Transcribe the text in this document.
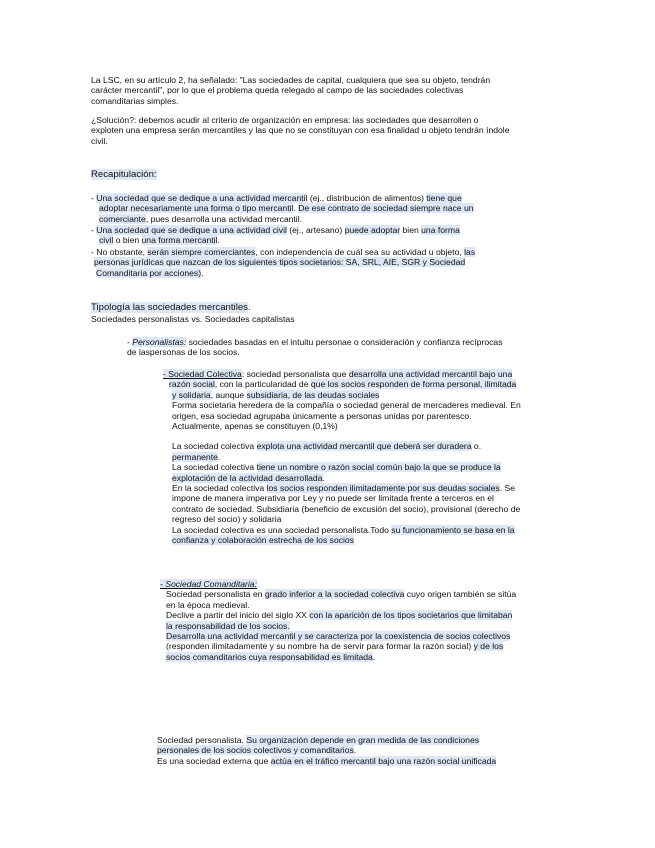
La LSC, en su artículo 2, ha señalado: "Las sociedades de capital, cualquiera que sea su objeto, tendrán

carácter mercantil", por lo que el problema queda relegado al campo de las sociedades colectivas

comanditarias simples.

¿Solución?: debemos acudir al criterio de organización en empresa: las sociedades que desarrollen o

exploten una empresa serán mercantiles y las que no se constituyan con esa finalidad u objeto tendrán índole

civil.

Recapitulación:

- Una sociedad que se dedique a una actividad mercantil (ej., distribución de alimentos) tiene que

adoptar necesariamente una forma o tipo mercantil. De ese contrato de sociedad siempre nace un

comerciante, pues desarrolla una actividad mercantil.

- Una sociedad que se dedique a una actividad civil (ej., artesano) puede adoptar bien una forma

civil o bien una forma mercantil.

- No obstante, serán siempre comerciantes, con independencia de cuál sea su actividad u objeto, las

personas jurídicas que nazcan de los siguientes tipos societarios: SA, SRL, AIE, SGR y Sociedad

Comanditaria por acciones).

Tipología las sociedades mercantiles.
Sociedades personalistas vs. Sociedades capitalistas

- Personalistas: sociedades basadas en el intuitu personae o consideración y confianza recíprocas

de laspersonas de los socios.

- Sociedad Colectiva: sociedad personalista que desarrolla una actividad mercantil bajo una

razón social, con la particularidad de que los socios responden de forma personal, ilimitada

y solidaria, aunque subsidiaria, de las deudas sociales

Forma societaria heredera de la compañía o sociedad general de mercaderes medieval. En

origen, esa sociedad agrupaba únicamente a personas unidas por parentesco.

Actualmente, apenas se constituyen (0,1%)

La sociedad colectiva explota una actividad mercantil que deberá ser duradera o.

permanente.

La sociedad colectiva tiene un nombre o razón social común bajo la que se produce la

explotación de la actividad desarrollada.

En la sociedad colectiva los socios responden ilimitadamente por sus deudas sociales. Se

impone de manera imperativa por Ley y no puede ser limitada frente a terceros en el

contrato de sociedad. Subsidiaria (beneficio de excusión del socio), provisional (derecho de

regreso del socio) y solidaria

La sociedad colectiva es una sociedad personalista.Todo su funcionamiento se basa en la

confianza y colaboración estrecha de los socios

- Sociedad Comanditaria:

Sociedad personalista en grado inferior a la sociedad colectiva cuyo origen también se sitúa

en la época medieval.

Declive a partir del inicio del siglo XX con la aparición de los tipos societarios que limitaban

la responsabilidad de los socios.

Desarrolla una actividad mercantil y se caracteriza por la coexistencia de socios colectivos

(responden ilimitadamente y su nombre ha de servir para formar la razón social) y de los

socios comanditarios cuya responsabilidad es limitada.

Sociedad personalista. Su organización depende en gran medida de las condiciones

personales de los socios colectivos y comanditarios.

Es una sociedad externa que actúa en el tráfico mercantil bajo una razón social unificada
